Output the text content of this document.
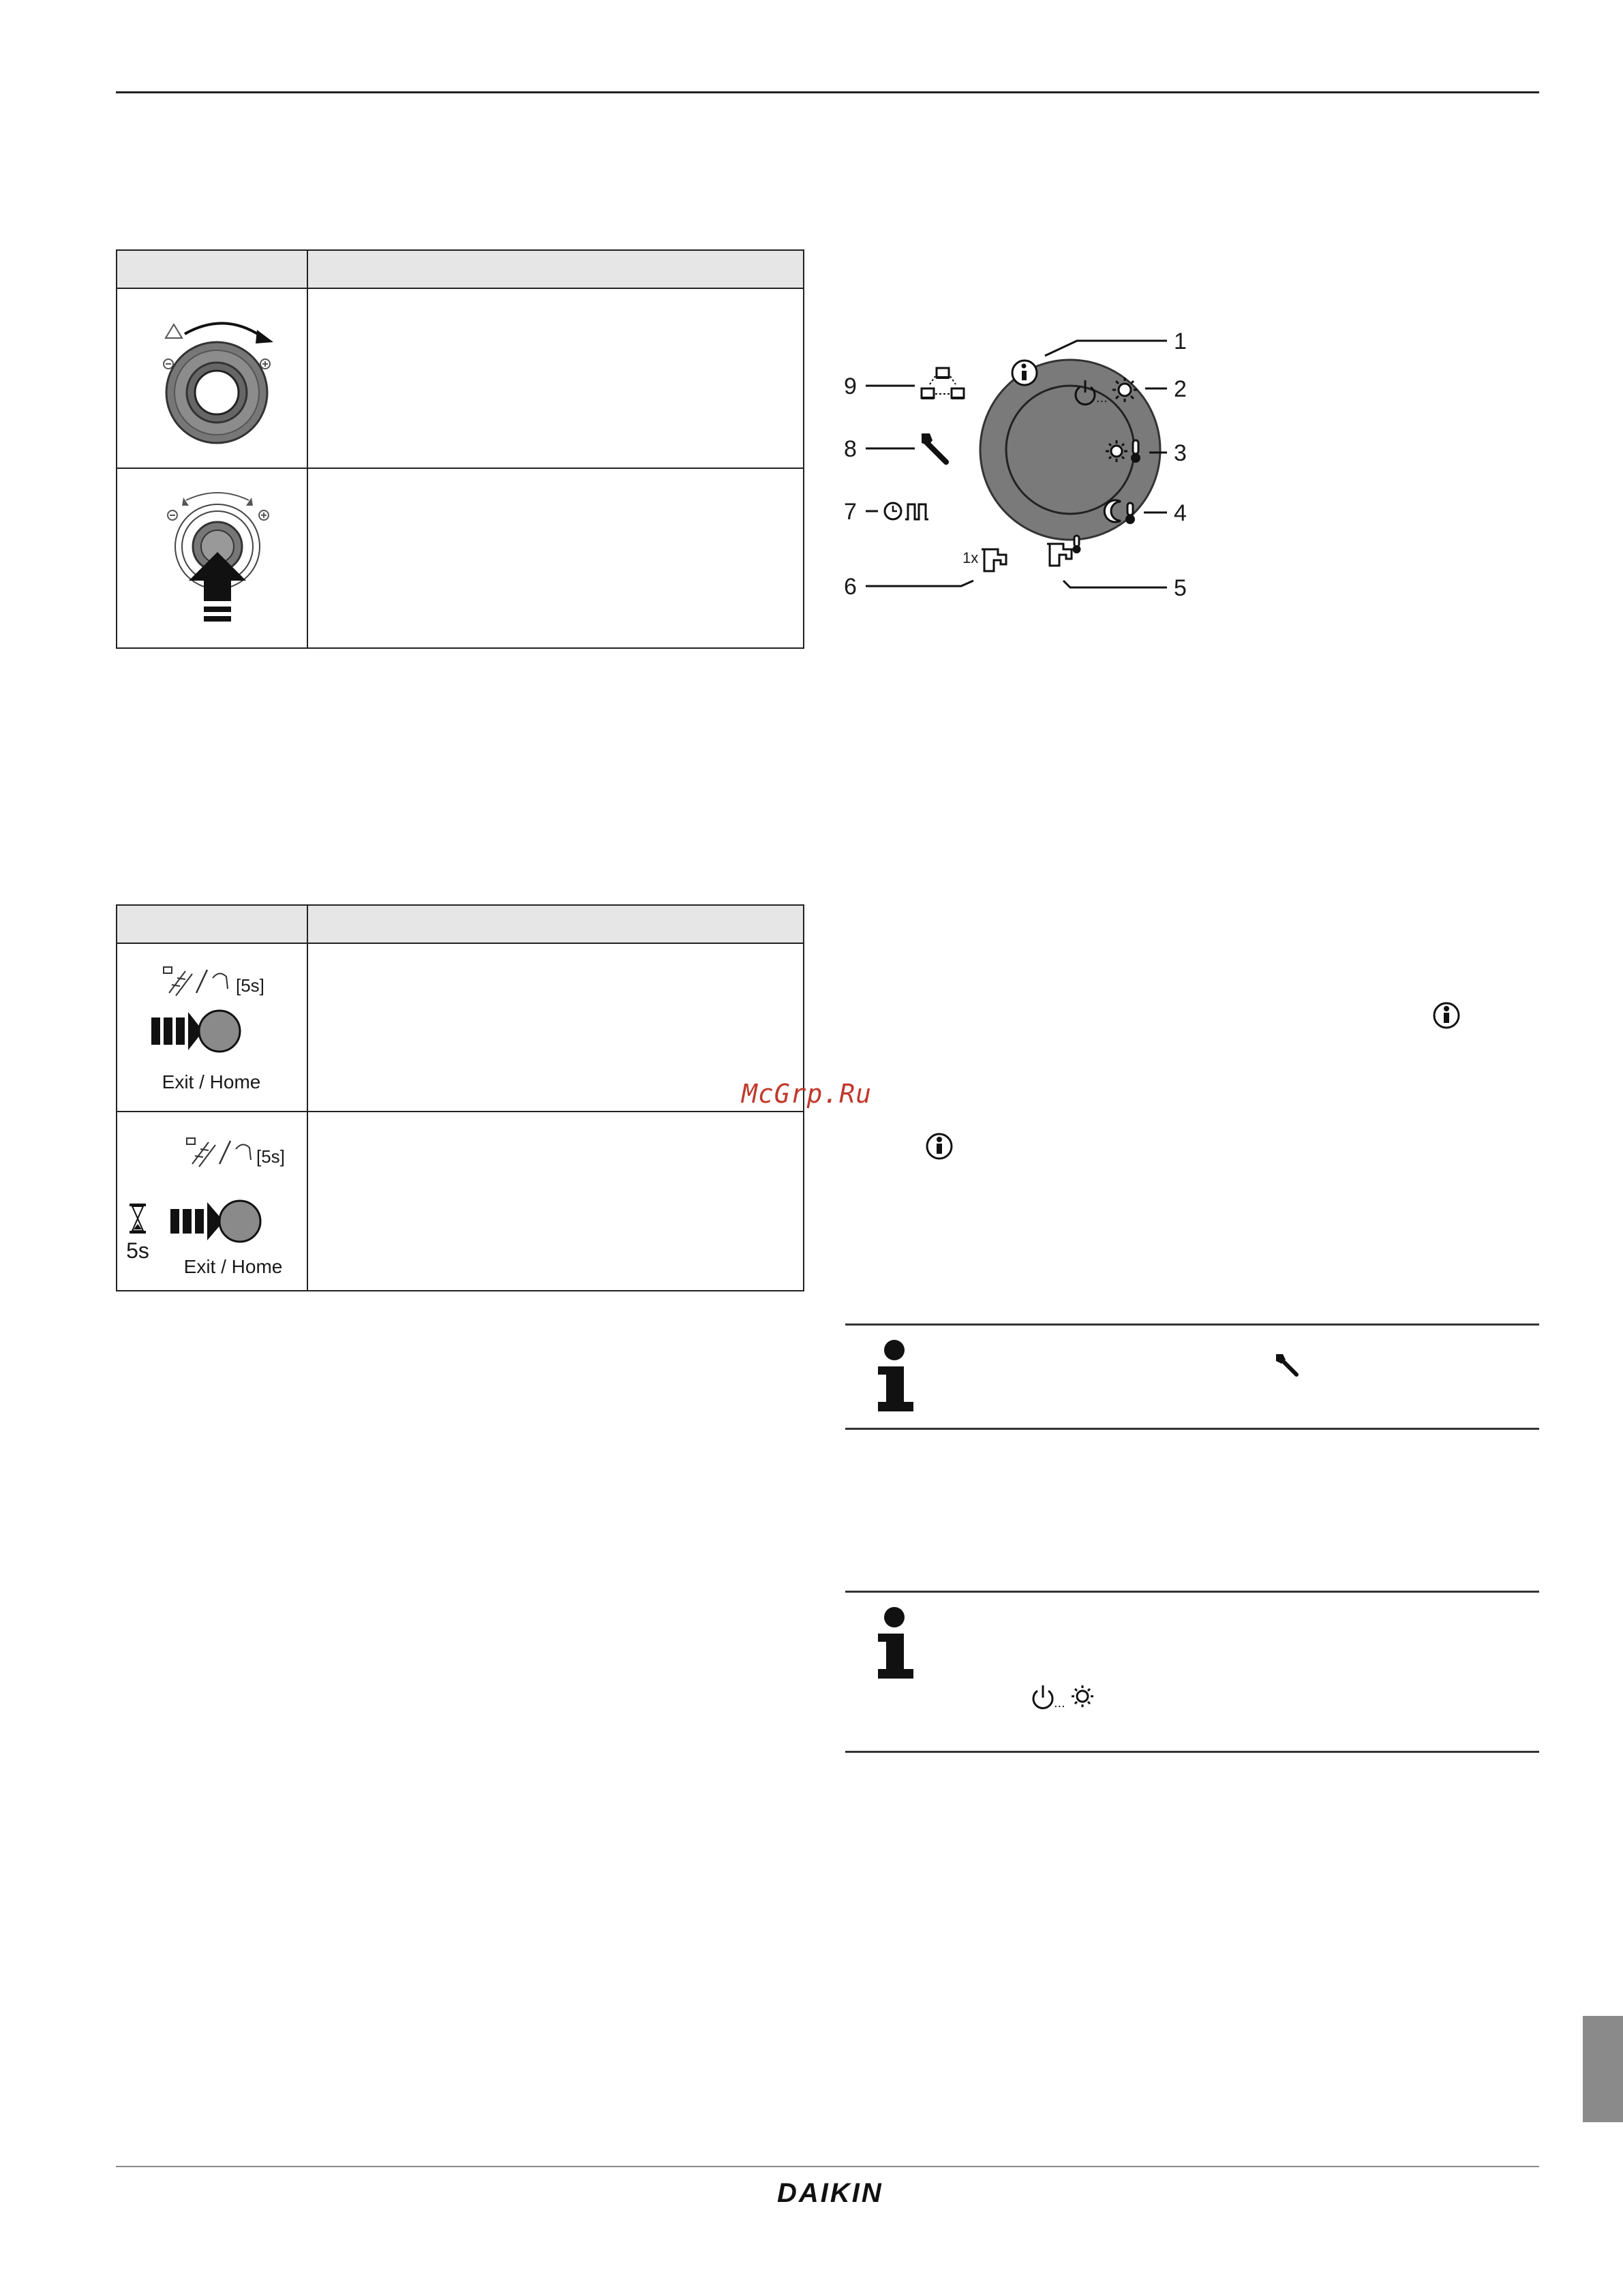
[5s]
Exit / Home	

[5s]
5s
Exit / Home	

1
...	2
3
4
5
1x
6
7
8
9
McGrp.Ru
...
DAIKIN
